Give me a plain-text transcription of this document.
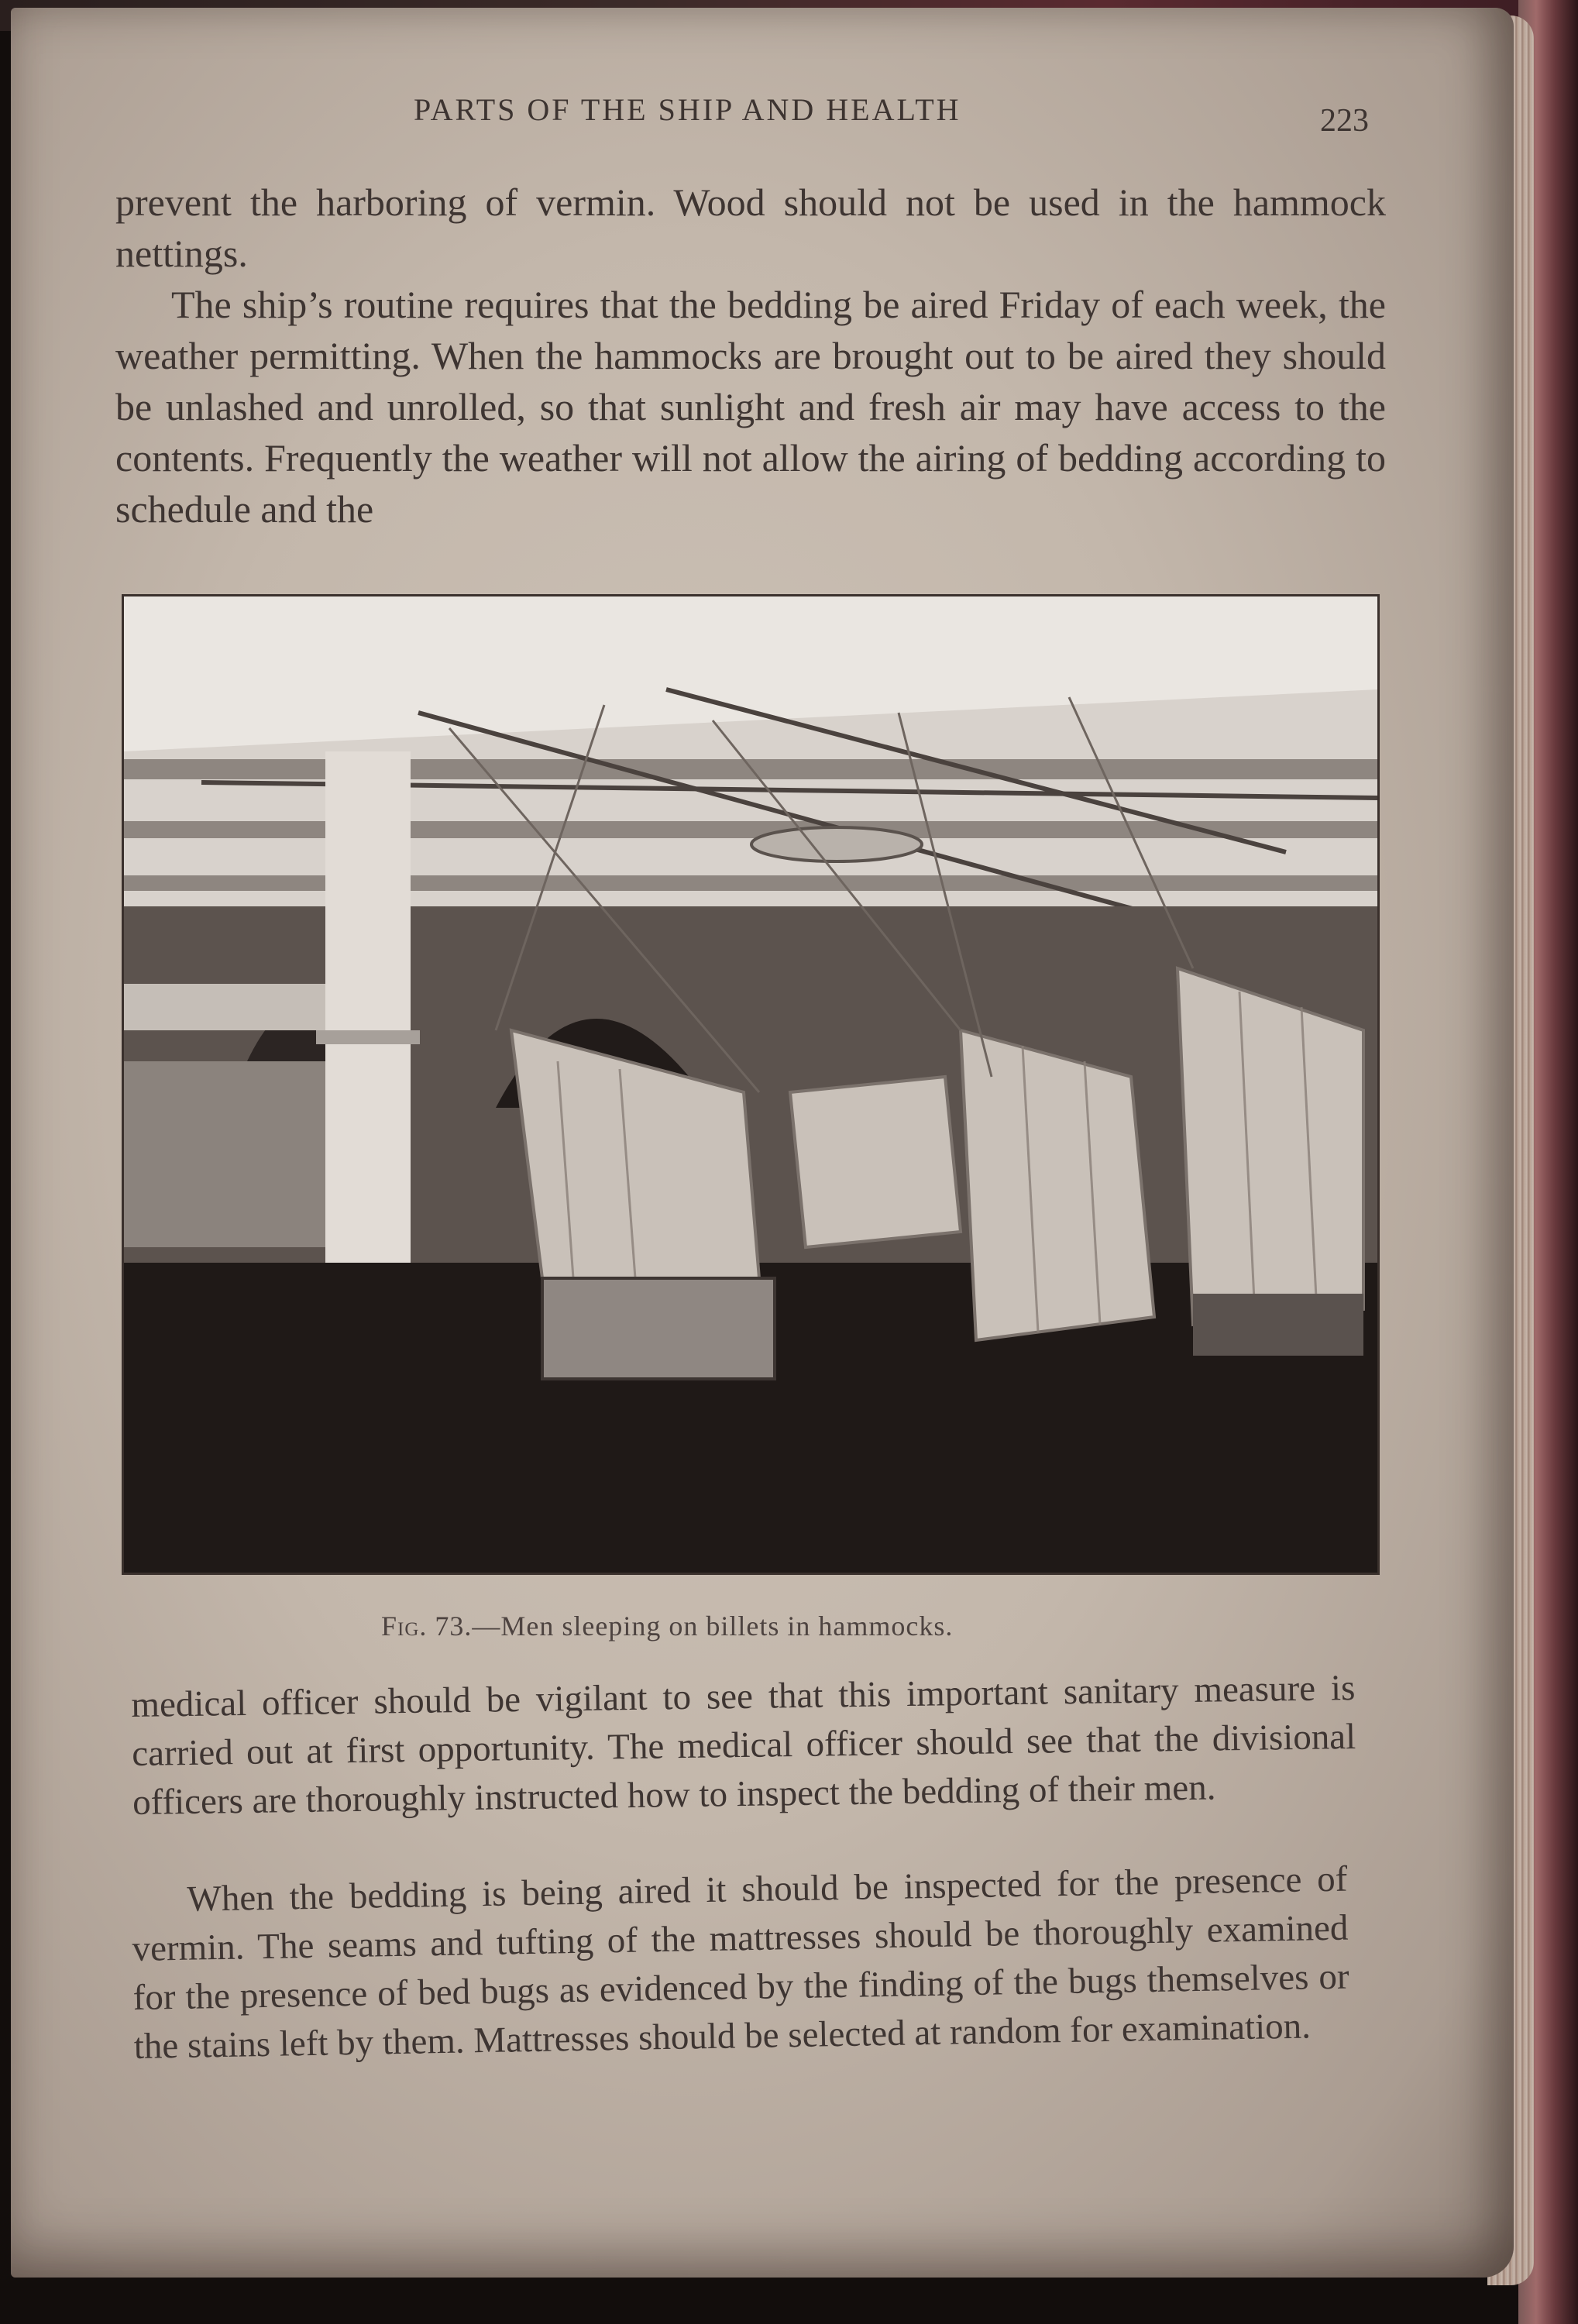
PARTS OF THE SHIP AND HEALTH	223

prevent the harboring of vermin. Wood should not be used in the hammock nettings.

The ship’s routine requires that the bedding be aired Friday of each week, the weather permitting. When the hammocks are brought out to be aired they should be unlashed and unrolled, so that sunlight and fresh air may have access to the contents. Frequently the weather will not allow the airing of bedding according to schedule and the

Fig. 73.—Men sleeping on billets in hammocks.

medical officer should be vigilant to see that this important sanitary measure is carried out at first opportunity. The medical officer should see that the divisional officers are thoroughly instructed how to inspect the bedding of their men.

When the bedding is being aired it should be inspected for the presence of vermin. The seams and tufting of the mattresses should be thoroughly examined for the presence of bed bugs as evidenced by the finding of the bugs themselves or the stains left by them. Mattresses should be selected at random for examination.
